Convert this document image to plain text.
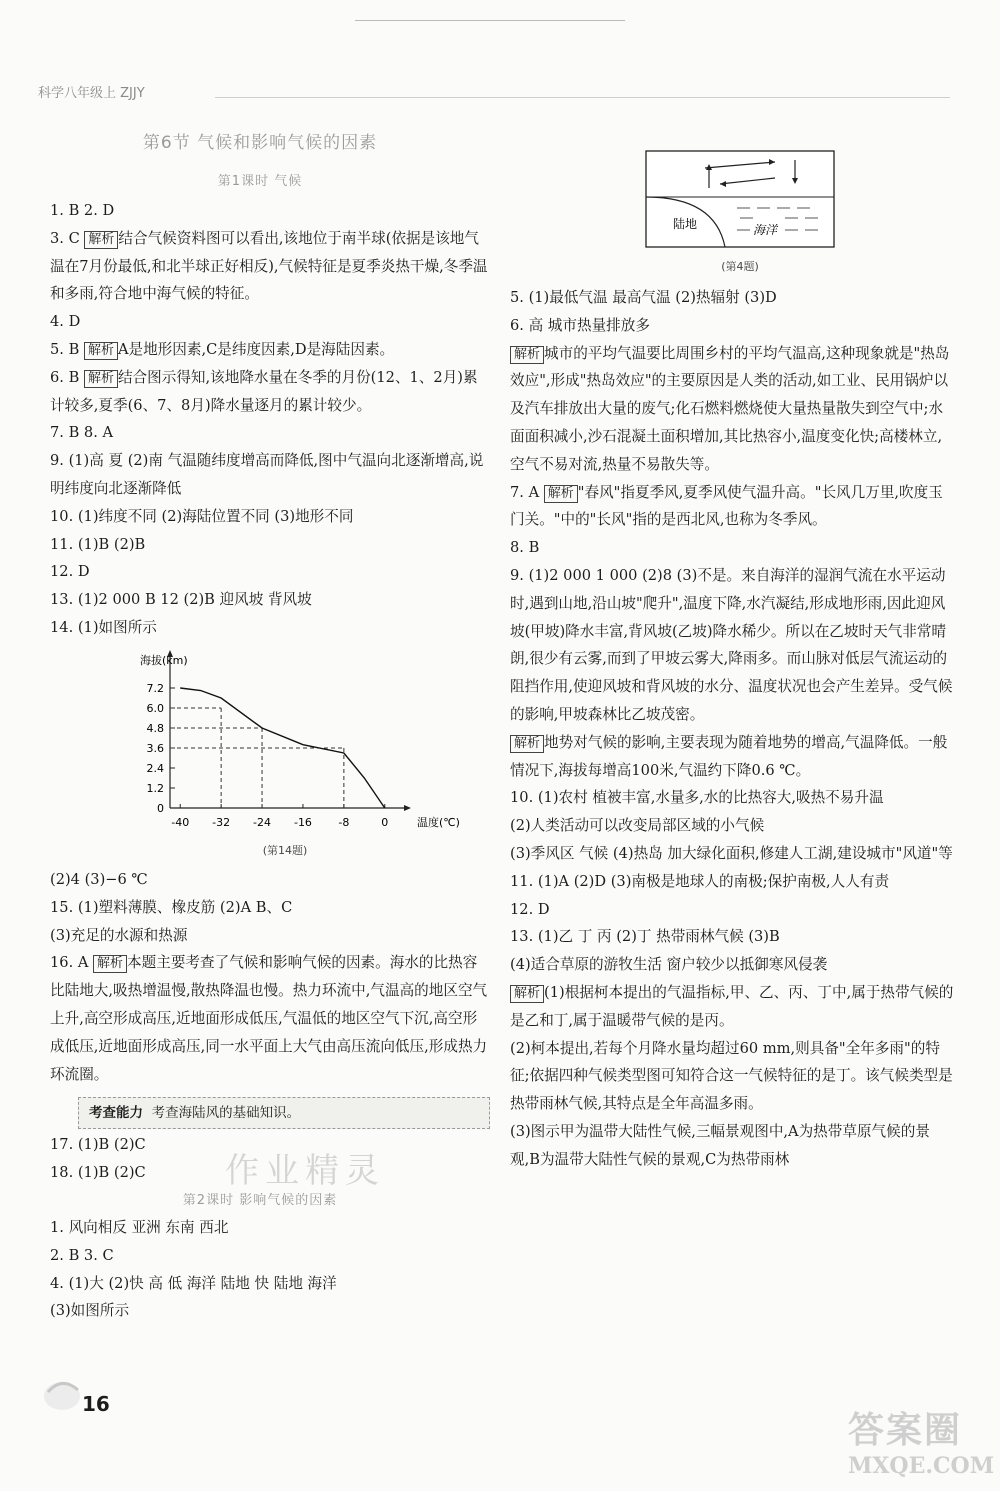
科学八年级上 ZJJY
第6节 气候和影响气候的因素
第1课时 气候
1. B 2. D
3. C 解析 结合气候资料图可以看出,该地位于南半球(依据是该地气温在7月份最低,和北半球正好相反),气候特征是夏季炎热干燥,冬季温和多雨,符合地中海气候的特征。
4. D
5. B 解析 A是地形因素,C是纬度因素,D是海陆因素。
6. B 解析 结合图示得知,该地降水量在冬季的月份(12、1、2月)累计较多,夏季(6、7、8月)降水量逐月的累计较少。
7. B 8. A
9. (1)高 夏 (2)南 气温随纬度增高而降低,图中气温向北逐渐增高,说明纬度向北逐渐降低
10. (1)纬度不同 (2)海陆位置不同 (3)地形不同
11. (1)B (2)B
12. D
13. (1)2 000 B 12 (2)B 迎风坡 背风坡
14. (1)如图所示
海拔(km)
温度(℃)
1.2
2.4
3.6
4.8
6.0
7.2
0
-40 -32 -24 -16 -8	0
(第14题)
(2)4 (3)−6 ℃
15. (1)塑料薄膜、橡皮筋 (2)A B、C
(3)充足的水源和热源
16. A 解析 本题主要考查了气候和影响气候的因素。海水的比热容比陆地大,吸热增温慢,散热降温也慢。热力环流中,气温高的地区空气上升,高空形成高压,近地面形成低压,气温低的地区空气下沉,高空形成低压,近地面形成高压,同一水平面上大气由高压流向低压,形成热力环流圈。
考查能力 考查海陆风的基础知识。
17. (1)B (2)C
18. (1)B (2)C
第2课时 影响气候的因素
1. 风向相反 亚洲 东南 西北
2. B 3. C
4. (1)大 (2)快 高 低 海洋 陆地 快 陆地 海洋
(3)如图所示
陆地	海洋
(第4题)
5. (1)最低气温 最高气温 (2)热辐射 (3)D
6. 高 城市热量排放多
解析 城市的平均气温要比周围乡村的平均气温高,这种现象就是"热岛效应",形成"热岛效应"的主要原因是人类的活动,如工业、民用锅炉以及汽车排放出大量的废气;化石燃料燃烧使大量热量散失到空气中;水面面积减小,沙石混凝土面积增加,其比热容小,温度变化快;高楼林立,空气不易对流,热量不易散失等。
7. A 解析 "春风"指夏季风,夏季风使气温升高。"长风几万里,吹度玉门关。"中的"长风"指的是西北风,也称为冬季风。
8. B
9. (1)2 000 1 000 (2)8 (3)不是。来自海洋的湿润气流在水平运动时,遇到山地,沿山坡"爬升",温度下降,水汽凝结,形成地形雨,因此迎风坡(甲坡)降水丰富,背风坡(乙坡)降水稀少。所以在乙坡时天气非常晴朗,很少有云雾,而到了甲坡云雾大,降雨多。而山脉对低层气流运动的阻挡作用,使迎风坡和背风坡的水分、温度状况也会产生差异。受气候的影响,甲坡森林比乙坡茂密。
解析 地势对气候的影响,主要表现为随着地势的增高,气温降低。一般情况下,海拔每增高100米,气温约下降0.6 ℃。
10. (1)农村 植被丰富,水量多,水的比热容大,吸热不易升温
(2)人类活动可以改变局部区域的小气候
(3)季风区 气候 (4)热岛 加大绿化面积,修建人工湖,建设城市"风道"等
11. (1)A (2)D (3)南极是地球人的南极;保护南极,人人有责
12. D
13. (1)乙 丁 丙 (2)丁 热带雨林气候 (3)B
(4)适合草原的游牧生活 窗户较少以抵御寒风侵袭
解析 (1)根据柯本提出的气温指标,甲、乙、丙、丁中,属于热带气候的是乙和丁,属于温暖带气候的是丙。
(2)柯本提出,若每个月降水量均超过60 mm,则具备"全年多雨"的特征;依据四种气候类型图可知符合这一气候特征的是丁。该气候类型是热带雨林气候,其特点是全年高温多雨。
(3)图示甲为温带大陆性气候,三幅景观图中,A为热带草原气候的景观,B为温带大陆性气候的景观,C为热带雨林
16
作业精灵
答案圈
MXQE.COM
